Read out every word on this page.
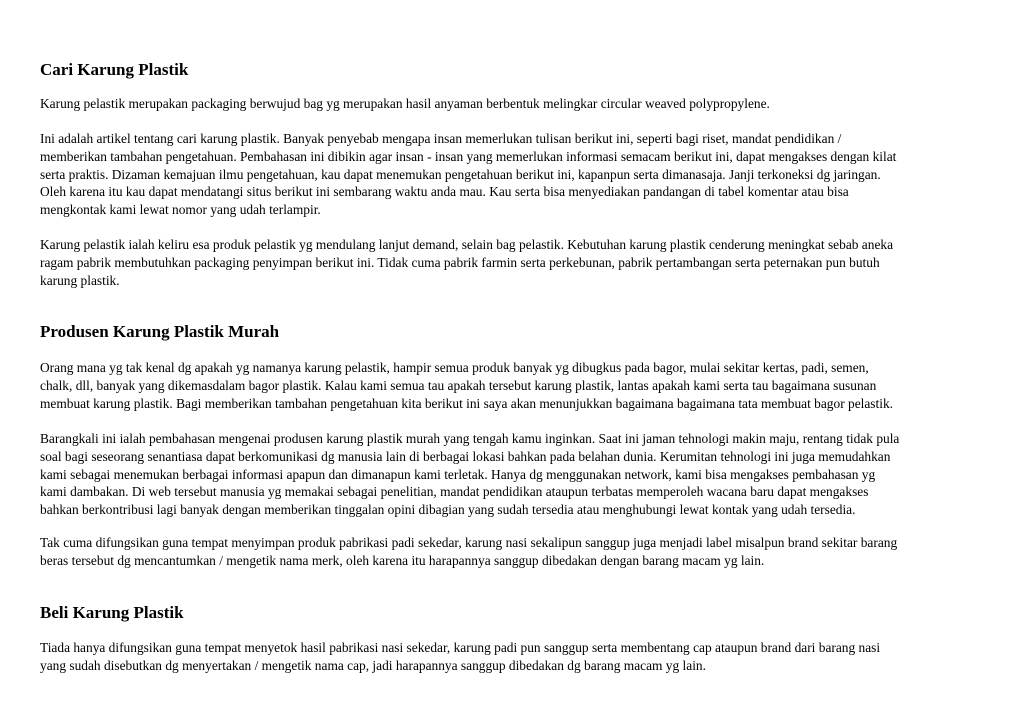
Cari Karung Plastik
Karung pelastik merupakan packaging berwujud bag yg merupakan hasil anyaman berbentuk melingkar circular weaved polypropylene.
Ini adalah artikel tentang cari karung plastik. Banyak penyebab mengapa insan memerlukan tulisan berikut ini, seperti bagi riset, mandat pendidikan /
memberikan tambahan pengetahuan. Pembahasan ini dibikin agar insan - insan yang memerlukan informasi semacam berikut ini, dapat mengakses dengan kilat
serta praktis. Dizaman kemajuan ilmu pengetahuan, kau dapat menemukan pengetahuan berikut ini, kapanpun serta dimanasaja. Janji terkoneksi dg jaringan.
Oleh karena itu kau dapat mendatangi situs berikut ini sembarang waktu anda mau. Kau serta bisa menyediakan pandangan di tabel komentar atau bisa
mengkontak kami lewat nomor yang udah terlampir.
Karung pelastik ialah keliru esa produk pelastik yg mendulang lanjut demand, selain bag pelastik. Kebutuhan karung plastik cenderung meningkat sebab aneka
ragam pabrik membutuhkan packaging penyimpan berikut ini. Tidak cuma pabrik farmin serta perkebunan, pabrik pertambangan serta peternakan pun butuh
karung plastik.
Produsen Karung Plastik Murah
Orang mana yg tak kenal dg apakah yg namanya karung pelastik, hampir semua produk banyak yg dibugkus pada bagor, mulai sekitar kertas, padi, semen,
chalk, dll, banyak yang dikemasdalam bagor plastik. Kalau kami semua tau apakah tersebut karung plastik, lantas apakah kami serta tau bagaimana susunan
membuat karung plastik. Bagi memberikan tambahan pengetahuan kita berikut ini saya akan menunjukkan bagaimana bagaimana tata membuat bagor pelastik.
Barangkali ini ialah pembahasan mengenai produsen karung plastik murah yang tengah kamu inginkan. Saat ini jaman tehnologi makin maju, rentang tidak pula
soal bagi seseorang senantiasa dapat berkomunikasi dg manusia lain di berbagai lokasi bahkan pada belahan dunia. Kerumitan tehnologi ini juga memudahkan
kami sebagai menemukan berbagai informasi apapun dan dimanapun kami terletak. Hanya dg menggunakan network, kami bisa mengakses pembahasan yg
kami dambakan. Di web tersebut manusia yg memakai sebagai penelitian, mandat pendidikan ataupun terbatas memperoleh wacana baru dapat mengakses
bahkan berkontribusi lagi banyak dengan memberikan tinggalan opini dibagian yang sudah tersedia atau menghubungi lewat kontak yang udah tersedia.
Tak cuma difungsikan guna tempat menyimpan produk pabrikasi padi sekedar, karung nasi sekalipun sanggup juga menjadi label misalpun brand sekitar barang
beras tersebut dg mencantumkan / mengetik nama merk, oleh karena itu harapannya sanggup dibedakan dengan barang macam yg lain.
Beli Karung Plastik
Tiada hanya difungsikan guna tempat menyetok hasil pabrikasi nasi sekedar, karung padi pun sanggup serta membentang cap ataupun brand dari barang nasi
yang sudah disebutkan dg menyertakan / mengetik nama cap, jadi harapannya sanggup dibedakan dg barang macam yg lain.
